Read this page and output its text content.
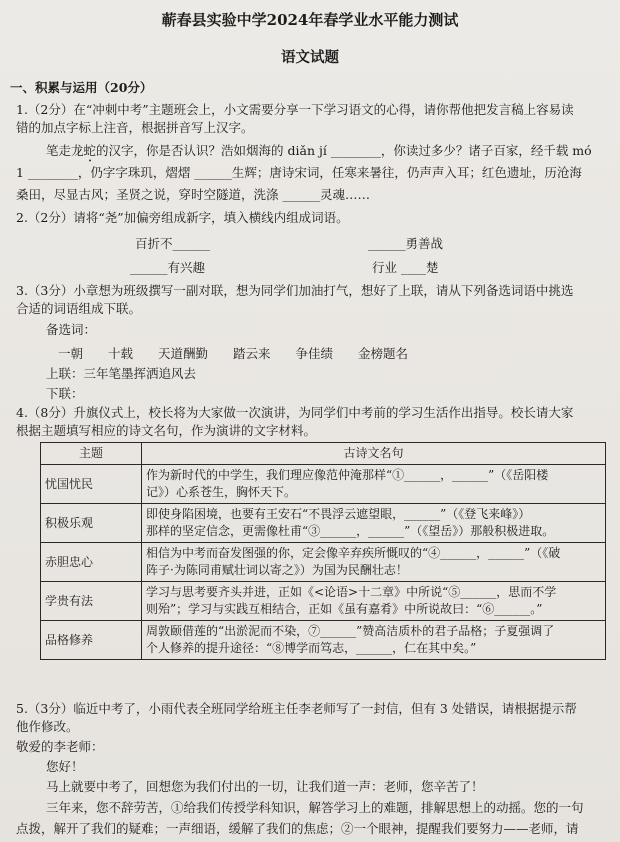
蕲春县实验中学2024年春学业水平能力测试
语文试题
一、积累与运用（20分）
1.（2分）在“冲刺中考”主题班会上，小文需要分享一下学习语文的心得，请你帮他把发言稿上容易读
错的加点字标上注音，根据拼音写上汉字。
笔走龙蛇的汉字，你是否认识？浩如烟海的 diǎn jí ________，你读过多少？诸子百家，经千载 mó
1 ________，仍字字珠玑，熠熠 ______生辉；唐诗宋词，任寒来暑往，仍声声入耳；红色遗址，历沧海
桑田，尽显古风；圣贤之说，穿时空隧道，洗涤 ______灵魂……
2.（2分）请将“尧”加偏旁组成新字，填入横线内组成词语。
百折不______	______勇善战
______有兴趣	行业 ____楚
3.（3分）小章想为班级撰写一副对联，想为同学们加油打气，想好了上联，请从下列备选词语中挑选
合适的词语组成下联。
备选词：
一朝　　十载　　天道酬勤　　踏云来　　争佳绩　　金榜题名
上联：三年笔墨挥洒追风去
下联：
4.（8分）升旗仪式上，校长将为大家做一次演讲，为同学们中考前的学习生活作出指导。校长请大家
根据主题填写相应的诗文名句，作为演讲的文字材料。
主题	古诗文名句
忧国忧民	作为新时代的中学生，我们理应像范仲淹那样“①______，______”（《岳阳楼
记》）心系苍生，胸怀天下。

积极乐观	即使身陷困境，也要有王安石“不畏浮云遮望眼，______”（《登飞来峰》）
那样的坚定信念，更需像杜甫“③______，______”（《望岳》）那般积极进取。

赤胆忠心	相信为中考而奋发图强的你，定会像辛弃疾所慨叹的“④______，______”（《破
阵子·为陈同甫赋壮词以寄之》）为国为民酬壮志！

学贵有法	学习与思考要齐头并进，正如《<论语>十二章》中所说“⑤______，思而不学
则殆”；学习与实践互相结合，正如《虽有嘉肴》中所说故曰：“⑥______。”

品格修养	周敦颐借莲的“出淤泥而不染，⑦______”赞高洁质朴的君子品格；子夏强调了
个人修养的提升途径：“⑧博学而笃志，______，仁在其中矣。”
5.（3分）临近中考了，小雨代表全班同学给班主任李老师写了一封信，但有 3 处错误，请根据提示帮
他作修改。
敬爱的李老师：
您好！
马上就要中考了，回想您为我们付出的一切，让我们道一声：老师，您辛苦了！
三年来，您不辞劳苦，①给我们传授学科知识，解答学习上的难题，排解思想上的动摇。您的一句
点拨，解开了我们的疑难；一声细语，缓解了我们的焦虑；②一个眼神，提醒我们要努力——老师，请
